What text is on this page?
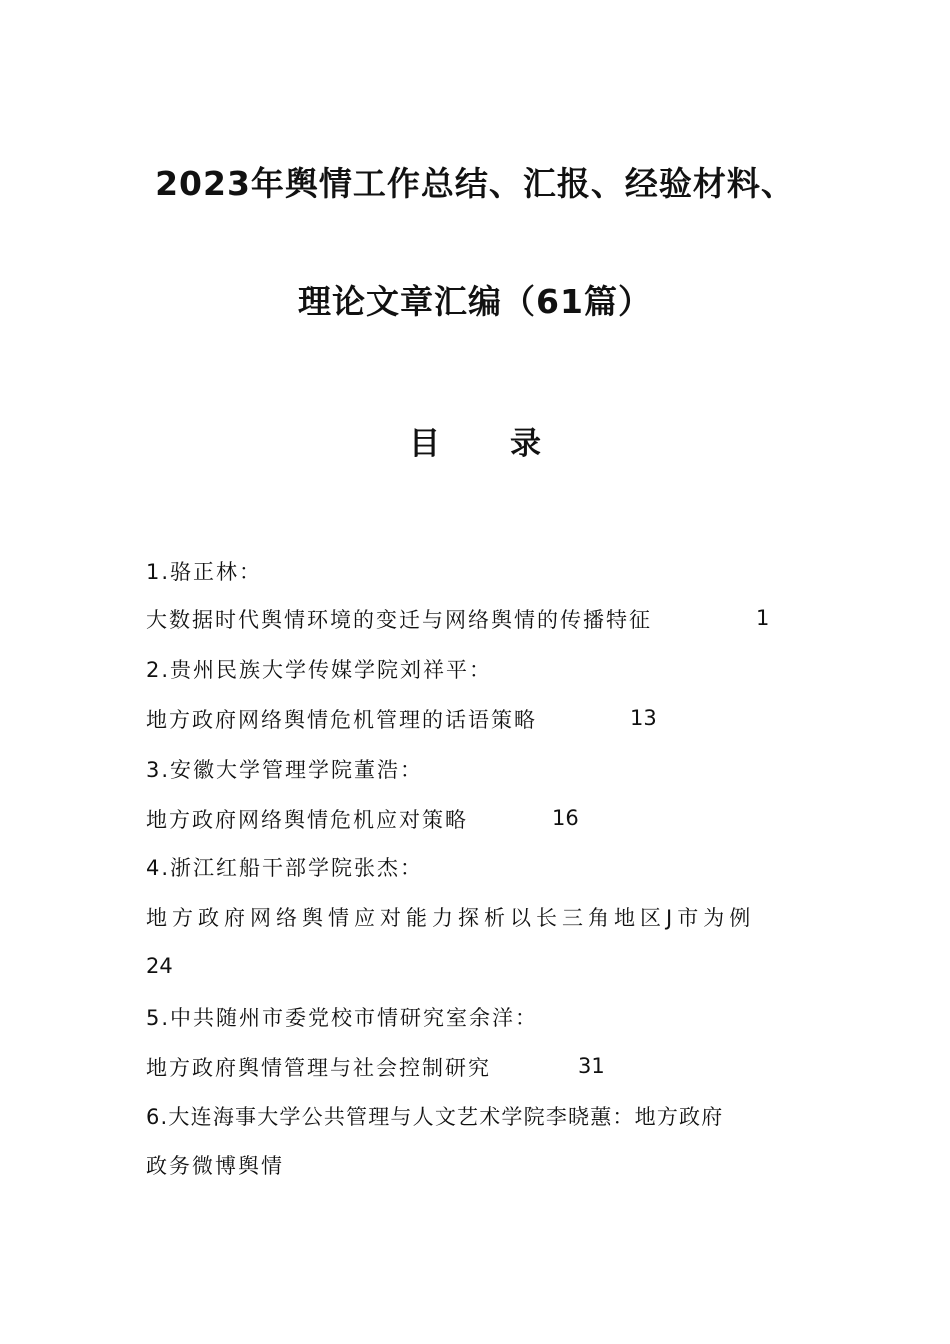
2023年舆情工作总结、汇报、经验材料、
理论文章汇编（61篇）
目 录
1.骆正林：
大数据时代舆情环境的变迁与网络舆情的传播特征	1
2.贵州民族大学传媒学院刘祥平：
地方政府网络舆情危机管理的话语策略	13
3.安徽大学管理学院董浩：
地方政府网络舆情危机应对策略	16
4.浙江红船干部学院张杰：
地方政府网络舆情应对能力探析以长三角地区J市为例
24
5.中共随州市委党校市情研究室余洋：
地方政府舆情管理与社会控制研究	31
6.大连海事大学公共管理与人文艺术学院李晓蕙：地方政府
政务微博舆情
